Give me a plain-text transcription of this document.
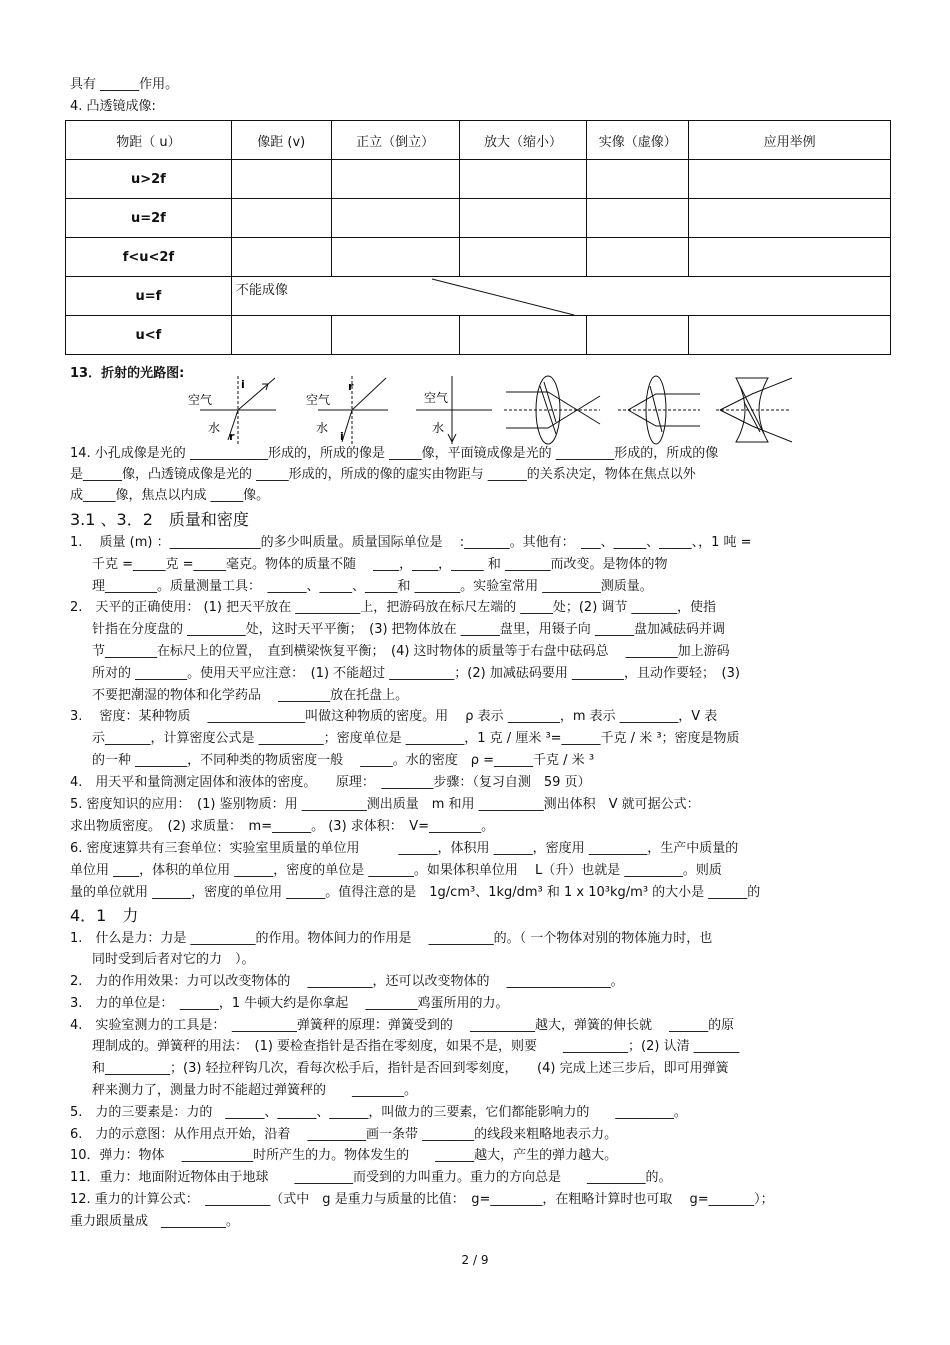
具有 ______作用。
4. 凸透镜成像:
物距（ u）	像距 (v)	正立（倒立）	放大（缩小）	实像（虚像）	应用举例
u>2f					
u=2f					
f<u<2f					
u=f	不能成像				

u<f					
13．折射的光路图:
空气
水
i
r
空气
水
r
i
空气
水
14. 小孔成像是光的 ____________形成的，所成的像是 _____像，平面镜成像是光的 _________形成的，所成的像
是______像，凸透镜成像是光的 _____形成的，所成的像的虚实由物距与 ______的关系决定，物体在焦点以外
成_____像，焦点以内成 _____像。
3.1 、3．2　质量和密度
1.　 质量 (m) ：______________的多少叫质量。质量国际单位是　 :_______。其他有：　___、_____、_____、，1 吨 =
千克 =_____克 =_____毫克。物体的质量不随　 ____，____，_____ 和 _______而改变。是物体的物
理________。质量测量工具：　______、_____、_____和 _______。实验室常用 _________测质量。
2.　天平的正确使用： (1) 把天平放在 __________上，把游码放在标尺左端的 _____处；(2) 调节 _______，使指
针指在分度盘的 _________处，这时天平平衡；　(3) 把物体放在 ______盘里，用镊子向 ______盘加减砝码并调
节________在标尺上的位置，　直到横梁恢复平衡；　(4) 这时物体的质量等于右盘中砝码总　 ________加上游码
所对的 ________。使用天平应注意：　(1) 不能超过 __________；(2) 加减砝码要用 ________，且动作要轻；　(3)
不要把潮湿的物体和化学药品　 ________放在托盘上。
3.　 密度：某种物质　 _______________叫做这种物质的密度。用　 ρ 表示 ________，m 表示 _________，V 表
示_______，计算密度公式是 __________；密度单位是 _________，1 克 / 厘米 ³=______千克 / 米 ³；密度是物质
的一种 ________，不同种类的物质密度一般　 _____。水的密度　ρ =______千克 / 米 ³
4.　用天平和量筒测定固体和液体的密度。　　原理：　________步骤：（复习自测　59 页）
5. 密度知识的应用：　(1) 鉴别物质：用 __________测出质量　m 和用 __________测出体积　V 就可据公式：
求出物质密度。　(2) 求质量：　m=______。 (3) 求体积：　V=________。
6. 密度速算共有三套单位：实验室里质量的单位用　　　______，体积用 ______，密度用 _________，生产中质量的
单位用 ____，体积的单位用 ______，密度的单位是 _______。如果体积单位用　 L（升）也就是 _________。则质
量的单位就用 ______，密度的单位用 ______。值得注意的是　1g/cm³、1kg/dm³ 和 1 x 10³kg/m³ 的大小是 ______的
4．1　力
1.　什么是力：力是 __________的作用。物体间力的作用是　 __________的。（ 一个物体对别的物体施力时，也
同时受到后者对它的力　）。
2.　力的作用效果：力可以改变物体的　 __________，还可以改变物体的　 ________________。
3.　力的单位是：　______，1 牛顿大约是你拿起　 ________鸡蛋所用的力。
4.　实验室测力的工具是：　__________弹簧秤的原理：弹簧受到的　 __________越大，弹簧的伸长就　 ______的原
理制成的。弹簧秤的用法：　(1) 要检查指针是否指在零刻度，如果不是，则要　　__________；(2) 认清 _______
和__________；(3) 轻拉秤钩几次，看每次松手后，指针是否回到零刻度，　　(4) 完成上述三步后，即可用弹簧
秤来测力了，测量力时不能超过弹簧秤的　　________。
5.　力的三要素是：力的　______、______、______，叫做力的三要素，它们都能影响力的　　_________。
6.　力的示意图：从作用点开始，沿着　 _________画一条带 ________的线段来粗略地表示力。
10．弹力：物体　 ___________时所产生的力。物体发生的　　______越大，产生的弹力越大。
11．重力：地面附近物体由于地球　　_________而受到的力叫重力。重力的方向总是　　_________的。
12. 重力的计算公式：　__________（式中　g 是重力与质量的比值：　g=________，在粗略计算时也可取　 g=_______）；
重力跟质量成　__________。
2 / 9
